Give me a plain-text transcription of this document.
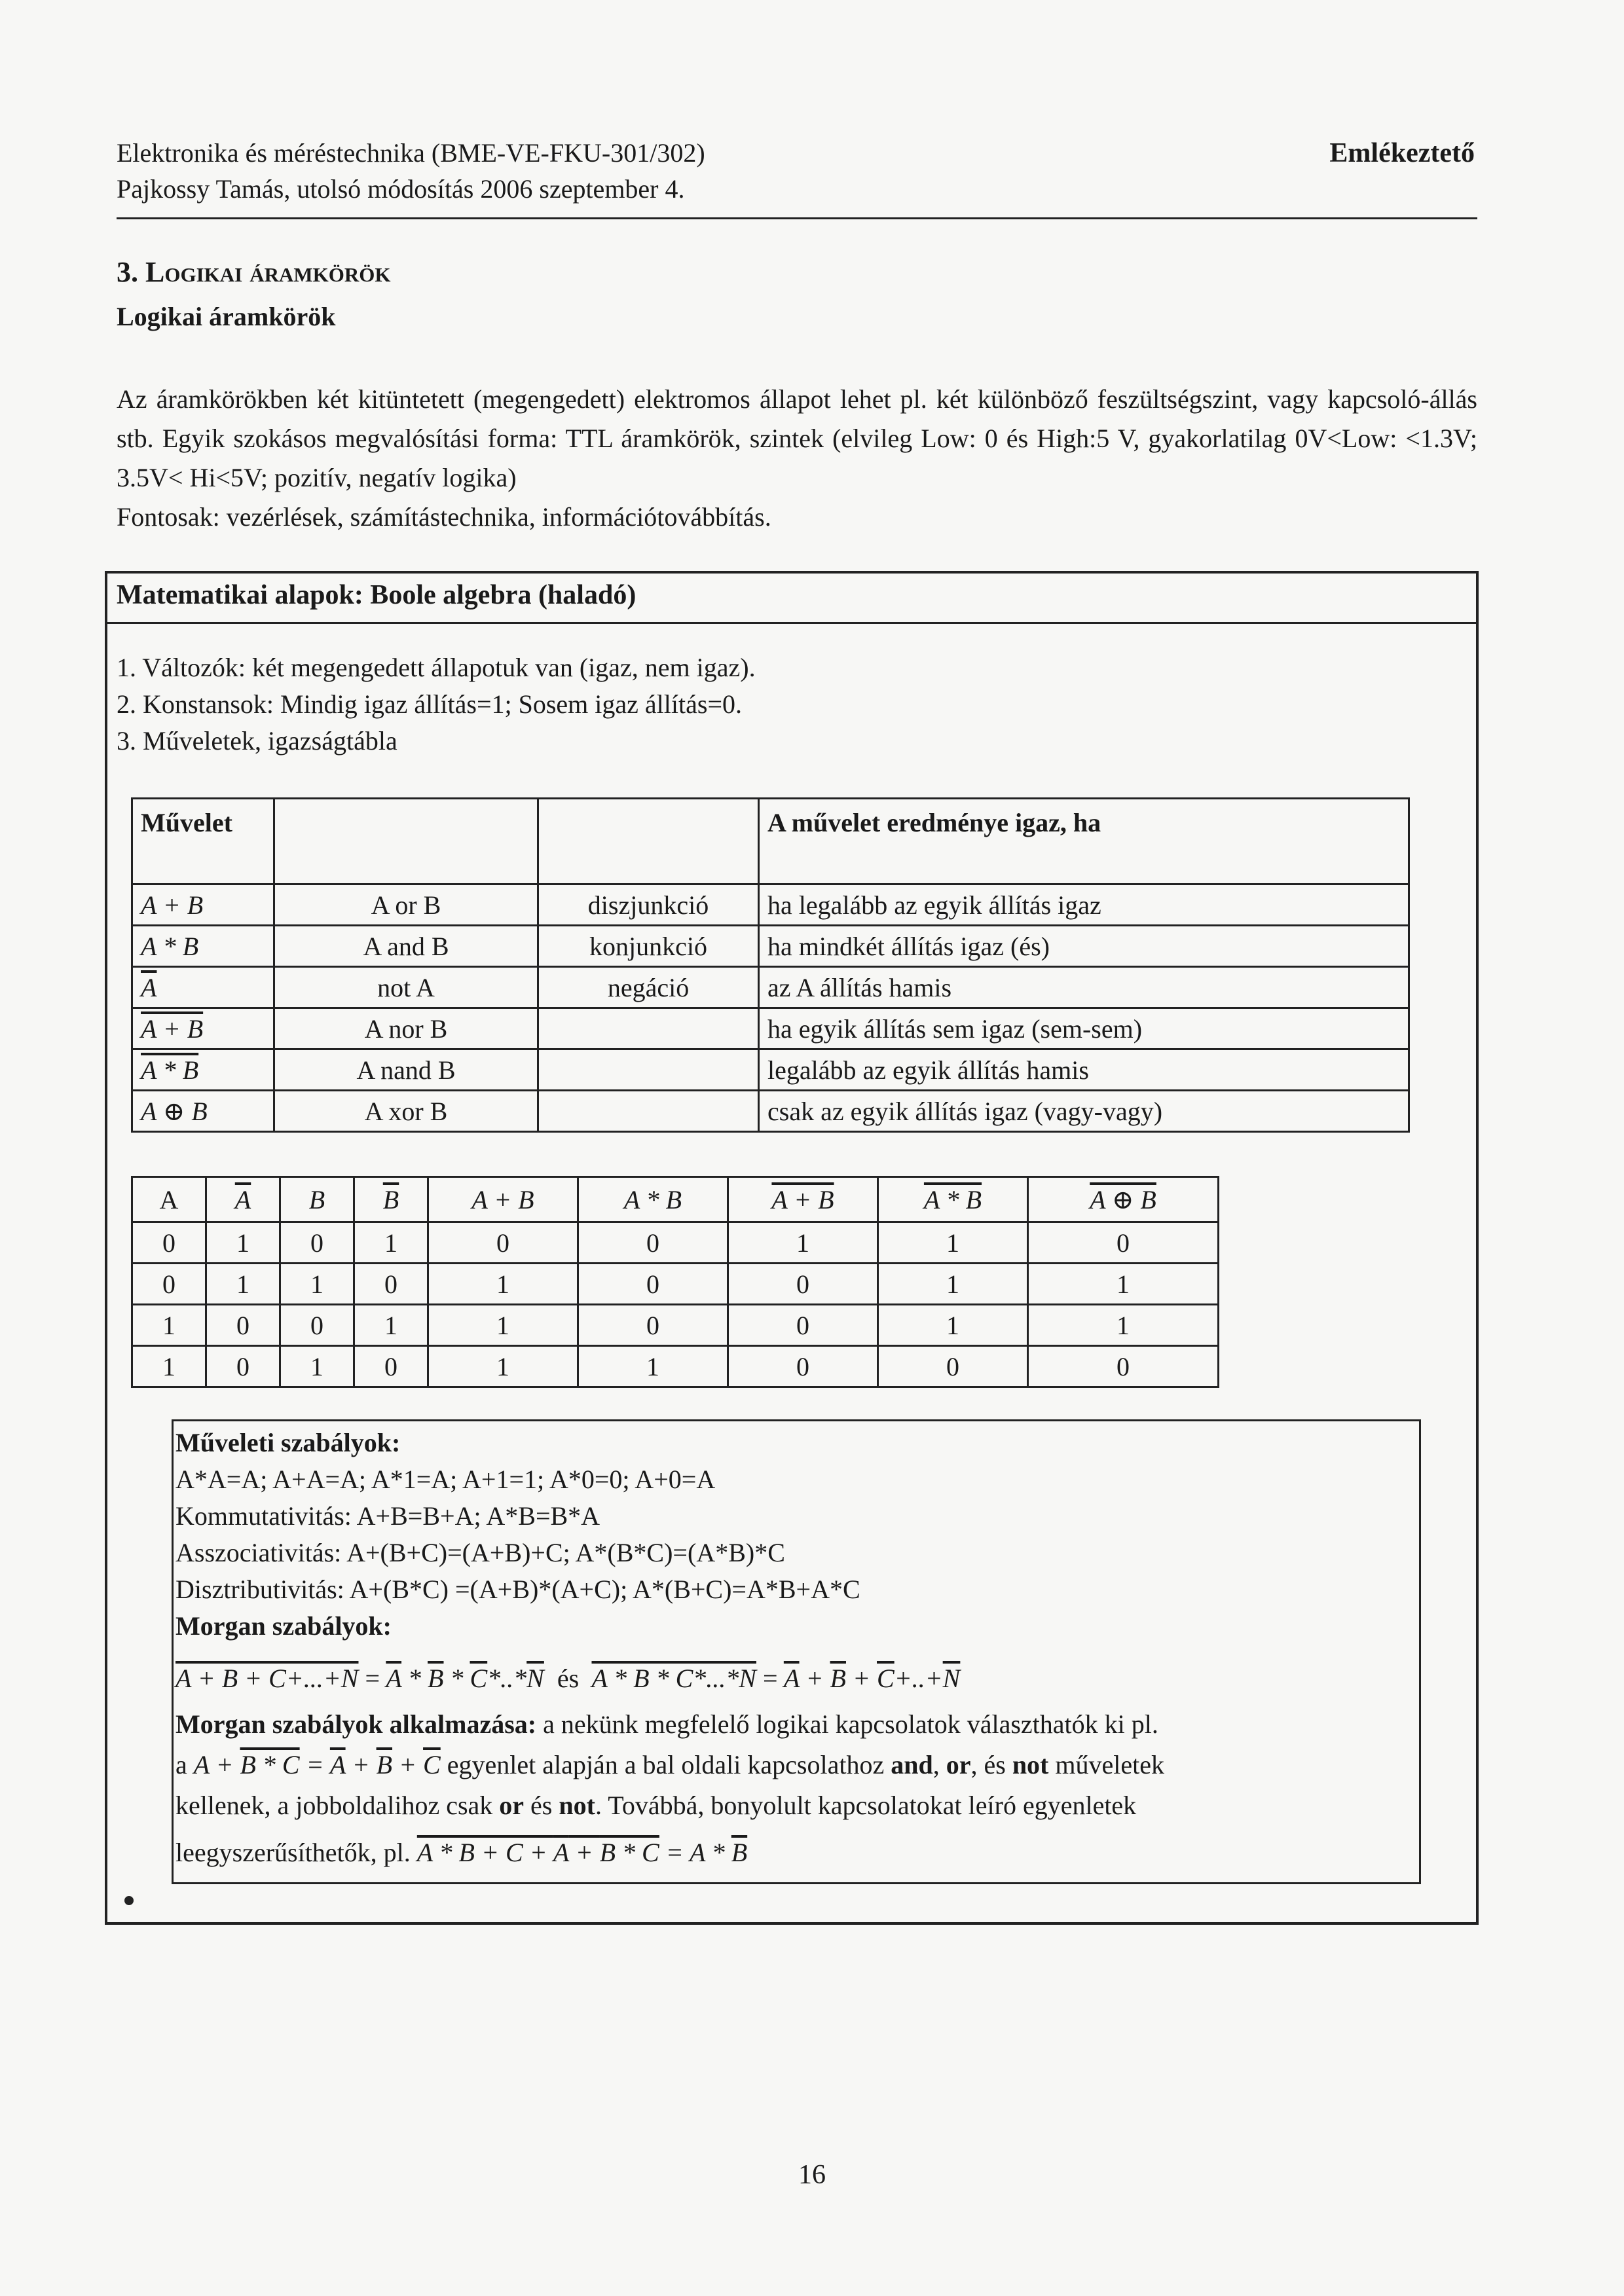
Elektronika és méréstechnika (BME-VE-FKU-301/302)
Pajkossy Tamás, utolsó módosítás 2006 szeptember 4.
Emlékeztető
3. Logikai áramkörök
Logikai áramkörök

Az áramkörökben két kitüntetett (megengedett) elektromos állapot lehet pl. két különböző feszültségszint, vagy kapcsoló-állás stb. Egyik szokásos megvalósítási forma: TTL áramkörök, szintek (elvileg Low: 0 és High:5 V, gyakorlatilag 0V<Low: <1.3V; 3.5V< Hi<5V; pozitív, negatív logika)

Fontosak: vezérlések, számítástechnika, információtovábbítás.

Matematikai alapok: Boole algebra (haladó)
1. Változók: két megengedett állapotuk van (igaz, nem igaz).
2. Konstansok: Mindig igaz állítás=1; Sosem igaz állítás=0.
3. Műveletek, igazságtábla
Művelet			A művelet eredménye igaz, ha
A + B	A or B	diszjunkció	ha legalább az egyik állítás igaz
A * B	A and B	konjunkció	ha mindkét állítás igaz (és)
$\overline{A}$	not A	negáció	az A állítás hamis
A + B	A nor B		ha egyik állítás sem igaz (sem-sem)
A * B	A nand B		legalább az egyik állítás hamis
A ⊕ B	A xor B		csak az egyik állítás igaz (vagy-vagy)
A	$\overline{A}$	B	$\overline{B}$	A + B	A * B	A + B	A * B	A ⊕ B
0	1	0	1	0	0	1	1	0
0	1	1	0	1	0	0	1	1
1	0	0	1	1	0	0	1	1
1	0	1	0	1	1	0	0	0
Műveleti szabályok:
A*A=A; A+A=A; A*1=A; A+1=1; A*0=0; A+0=A
Kommutativitás: A+B=B+A; A*B=B*A
Asszociativitás: A+(B+C)=(A+B)+C; A*(B*C)=(A*B)*C
Disztributivitás: A+(B*C) =(A+B)*(A+C); A*(B+C)=A*B+A*C
Morgan szabályok:
$A + B + C+...+N = \overline{A} * \overline{B} * \overline{C}*..*\overline{N}$ és $A * B * C*...*N = \overline{A} + \overline{B} + \overline{C}+..+\overline{N}$
Morgan szabályok alkalmazása: a nekünk megfelelő logikai kapcsolatok választhatók ki pl.
a $A + B * C = \overline{A} + \overline{B} + \overline{C}$ egyenlet alapján a bal oldali kapcsolathoz and, or, és not műveletek
kellenek, a jobboldalihoz csak or és not. Továbbá, bonyolult kapcsolatokat leíró egyenletek
leegyszerűsíthetők, pl. $A * B + C + A + B * C = A * \overline{B}$
16
